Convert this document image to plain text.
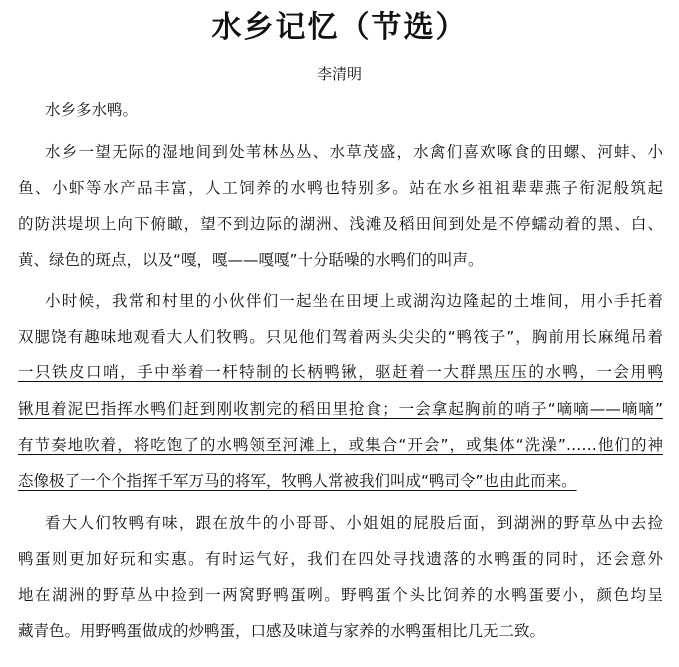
水乡记忆（节选）
李清明
水乡多水鸭。
水乡一望无际的湿地间到处苇林丛丛、水草茂盛，水禽们喜欢啄食的田螺、河蚌、小
鱼、小虾等水产品丰富，人工饲养的水鸭也特别多。站在水乡祖祖辈辈燕子衔泥般筑起
的防洪堤坝上向下俯瞰，望不到边际的湖洲、浅滩及稻田间到处是不停蠕动着的黑、白、
黄、绿色的斑点，以及“嘎，嘎——嘎嘎”十分聒噪的水鸭们的叫声。
小时候，我常和村里的小伙伴们一起坐在田埂上或湖沟边隆起的土堆间，用小手托着
双腮饶有趣味地观看大人们牧鸭。只见他们驾着两头尖尖的“鸭筏子”，胸前用长麻绳吊着
一只铁皮口哨，手中举着一杆特制的长柄鸭锹，驱赶着一大群黑压压的水鸭，一会用鸭
锹甩着泥巴指挥水鸭们赶到刚收割完的稻田里抢食；一会拿起胸前的哨子“嘀嘀——嘀嘀”
有节奏地吹着，将吃饱了的水鸭领至河滩上，或集合“开会”，或集体“洗澡”……他们的神
态像极了一个个指挥千军万马的将军，牧鸭人常被我们叫成“鸭司令”也由此而来。
看大人们牧鸭有味，跟在放牛的小哥哥、小姐姐的屁股后面，到湖洲的野草丛中去捡
鸭蛋则更加好玩和实惠。有时运气好，我们在四处寻找遗落的水鸭蛋的同时，还会意外
地在湖洲的野草丛中捡到一两窝野鸭蛋咧。野鸭蛋个头比饲养的水鸭蛋要小，颜色均呈
藏青色。用野鸭蛋做成的炒鸭蛋，口感及味道与家养的水鸭蛋相比几无二致。
